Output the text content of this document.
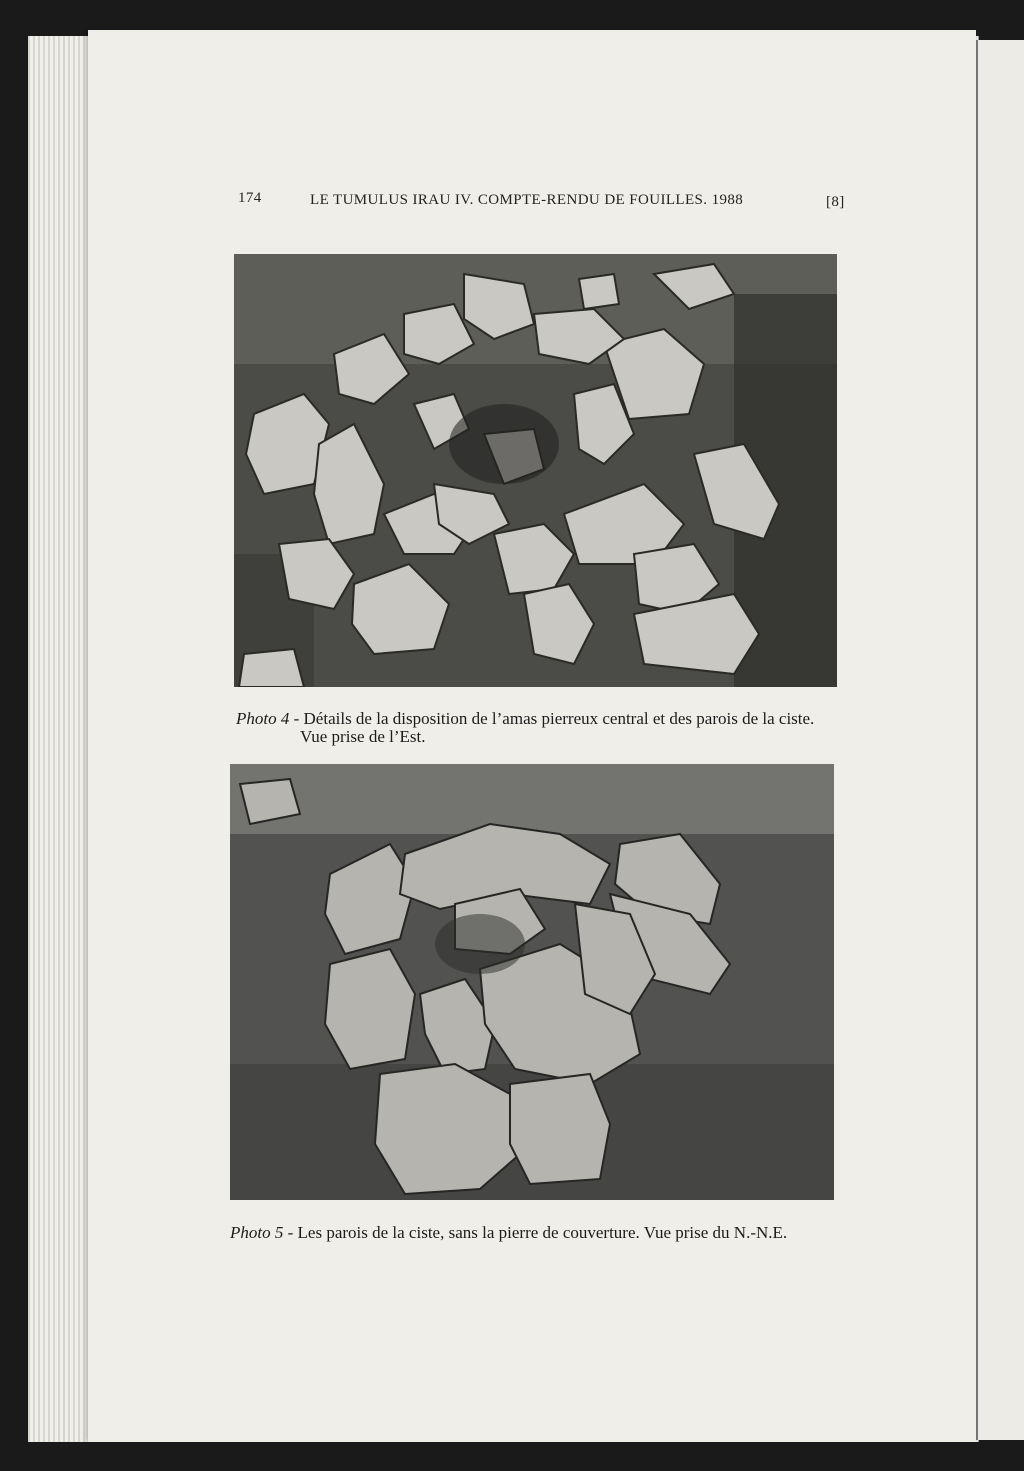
174	LE TUMULUS IRAU IV. COMPTE-RENDU DE FOUILLES. 1988	[8]
Photo 4 - Détails de la disposition de l’amas pierreux central et des parois de la ciste.
Vue prise de l’Est.
Photo 5 - Les parois de la ciste, sans la pierre de couverture. Vue prise du N.-N.E.
